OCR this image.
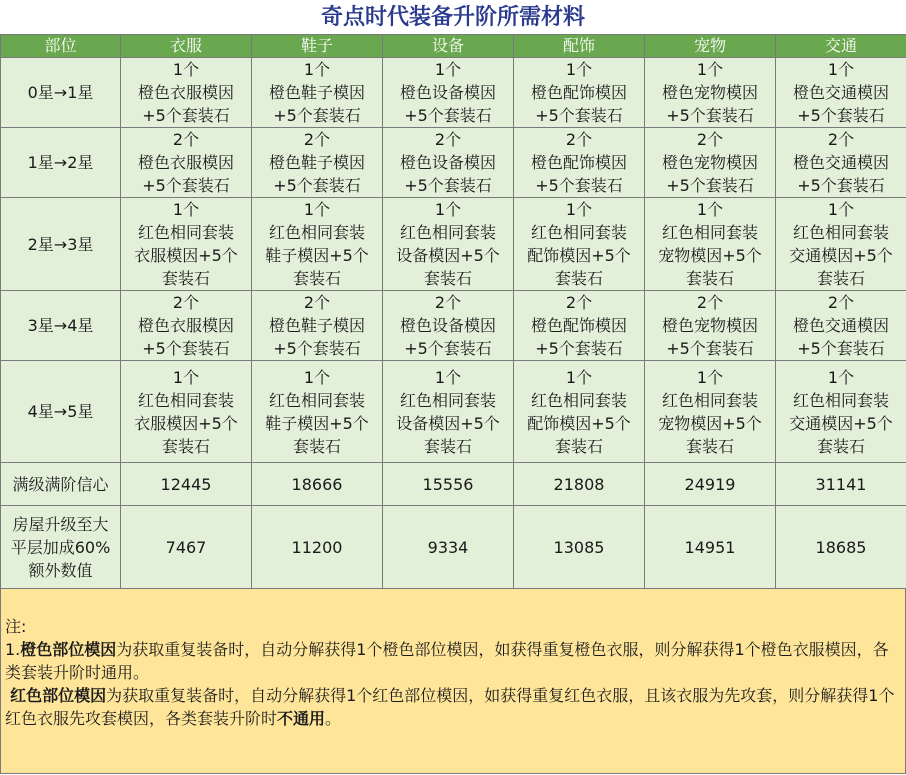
奇点时代装备升阶所需材料
部位	衣服	鞋子	设备	配饰	宠物	交通
0星→1星	1个
橙色衣服模因
+5个套装石	1个
橙色鞋子模因
+5个套装石	1个
橙色设备模因
+5个套装石	1个
橙色配饰模因
+5个套装石	1个
橙色宠物模因
+5个套装石	1个
橙色交通模因
+5个套装石

1星→2星	2个
橙色衣服模因
+5个套装石	2个
橙色鞋子模因
+5个套装石	2个
橙色设备模因
+5个套装石	2个
橙色配饰模因
+5个套装石	2个
橙色宠物模因
+5个套装石	2个
橙色交通模因
+5个套装石

2星→3星	1个
红色相同套装
衣服模因+5个
套装石	1个
红色相同套装
鞋子模因+5个
套装石	1个
红色相同套装
设备模因+5个
套装石	1个
红色相同套装
配饰模因+5个
套装石	1个
红色相同套装
宠物模因+5个
套装石	1个
红色相同套装
交通模因+5个
套装石

3星→4星	2个
橙色衣服模因
+5个套装石	2个
橙色鞋子模因
+5个套装石	2个
橙色设备模因
+5个套装石	2个
橙色配饰模因
+5个套装石	2个
橙色宠物模因
+5个套装石	2个
橙色交通模因
+5个套装石

4星→5星	1个
红色相同套装
衣服模因+5个
套装石	1个
红色相同套装
鞋子模因+5个
套装石	1个
红色相同套装
设备模因+5个
套装石	1个
红色相同套装
配饰模因+5个
套装石	1个
红色相同套装
宠物模因+5个
套装石	1个
红色相同套装
交通模因+5个
套装石

满级满阶信心	12445	18666	15556	21808	24919	31141
房屋升级至大平层加成60%额外数值	7467	11200	9334	13085	14951	18685

注:

1.橙色部位模因为获取重复装备时，自动分解获得1个橙色部位模因，如获得重复橙色衣服，则分解获得1个橙色衣服模因，各类套装升阶时通用。

红色部位模因为获取重复装备时，自动分解获得1个红色部位模因，如获得重复红色衣服，且该衣服为先攻套，则分解获得1个红色衣服先攻套模因，各类套装升阶时不通用。
